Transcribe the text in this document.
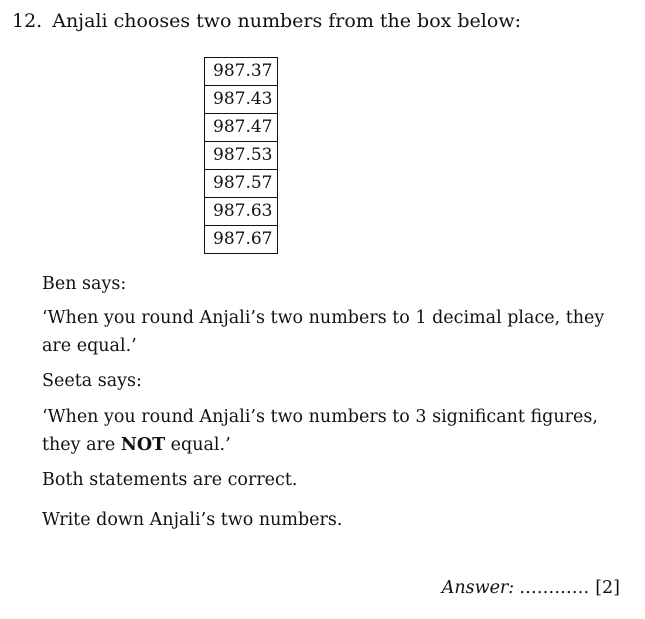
12. Anjali chooses two numbers from the box below:
987.37
987.43
987.47
987.53
987.57
987.63
987.67
Ben says:
‘When you round Anjali’s two numbers to 1 decimal place, they
are equal.’
Seeta says:
‘When you round Anjali’s two numbers to 3 significant figures,
they are NOT equal.’
Both statements are correct.
Write down Anjali’s two numbers.
Answer: ………… [2]
